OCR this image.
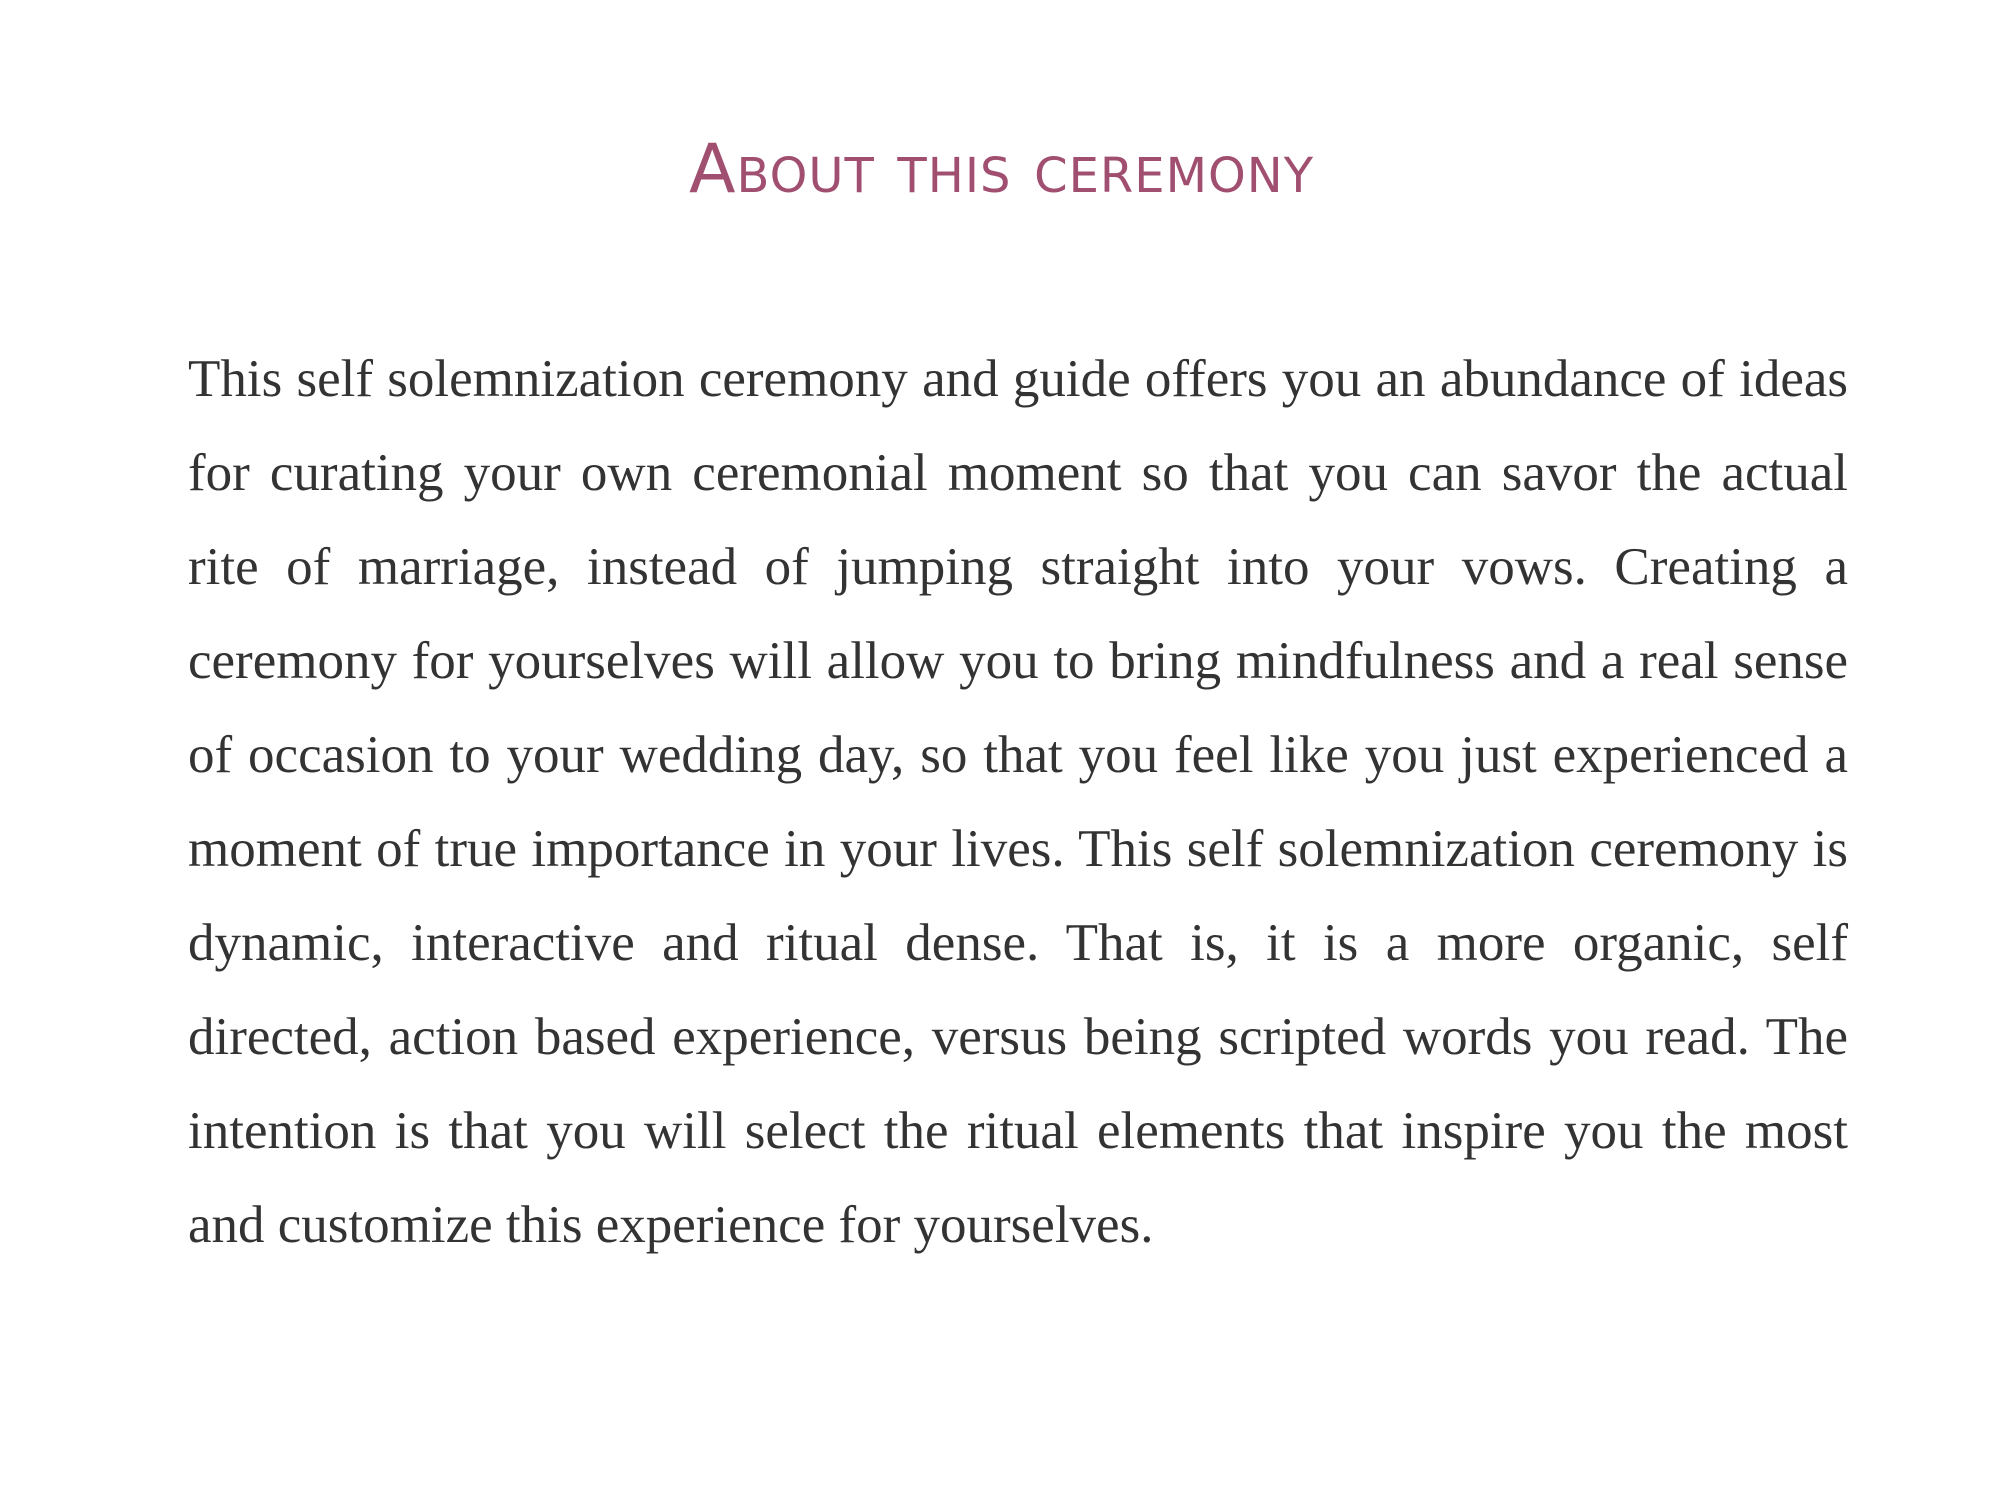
About this ceremony

This self solemnization ceremony and guide offers you an abundance of ideas for curating your own ceremonial moment so that you can savor the actual rite of marriage, instead of jumping straight into your vows. Creating a ceremony for yourselves will allow you to bring mindfulness and a real sense of occasion to your wedding day, so that you feel like you just experienced a moment of true importance in your lives. This self solemnization ceremony is dynamic, interactive and ritual dense. That is, it is a more organic, self directed, action based experience, versus being scripted words you read. The intention is that you will select the ritual elements that inspire you the most and customize this experience for yourselves.
